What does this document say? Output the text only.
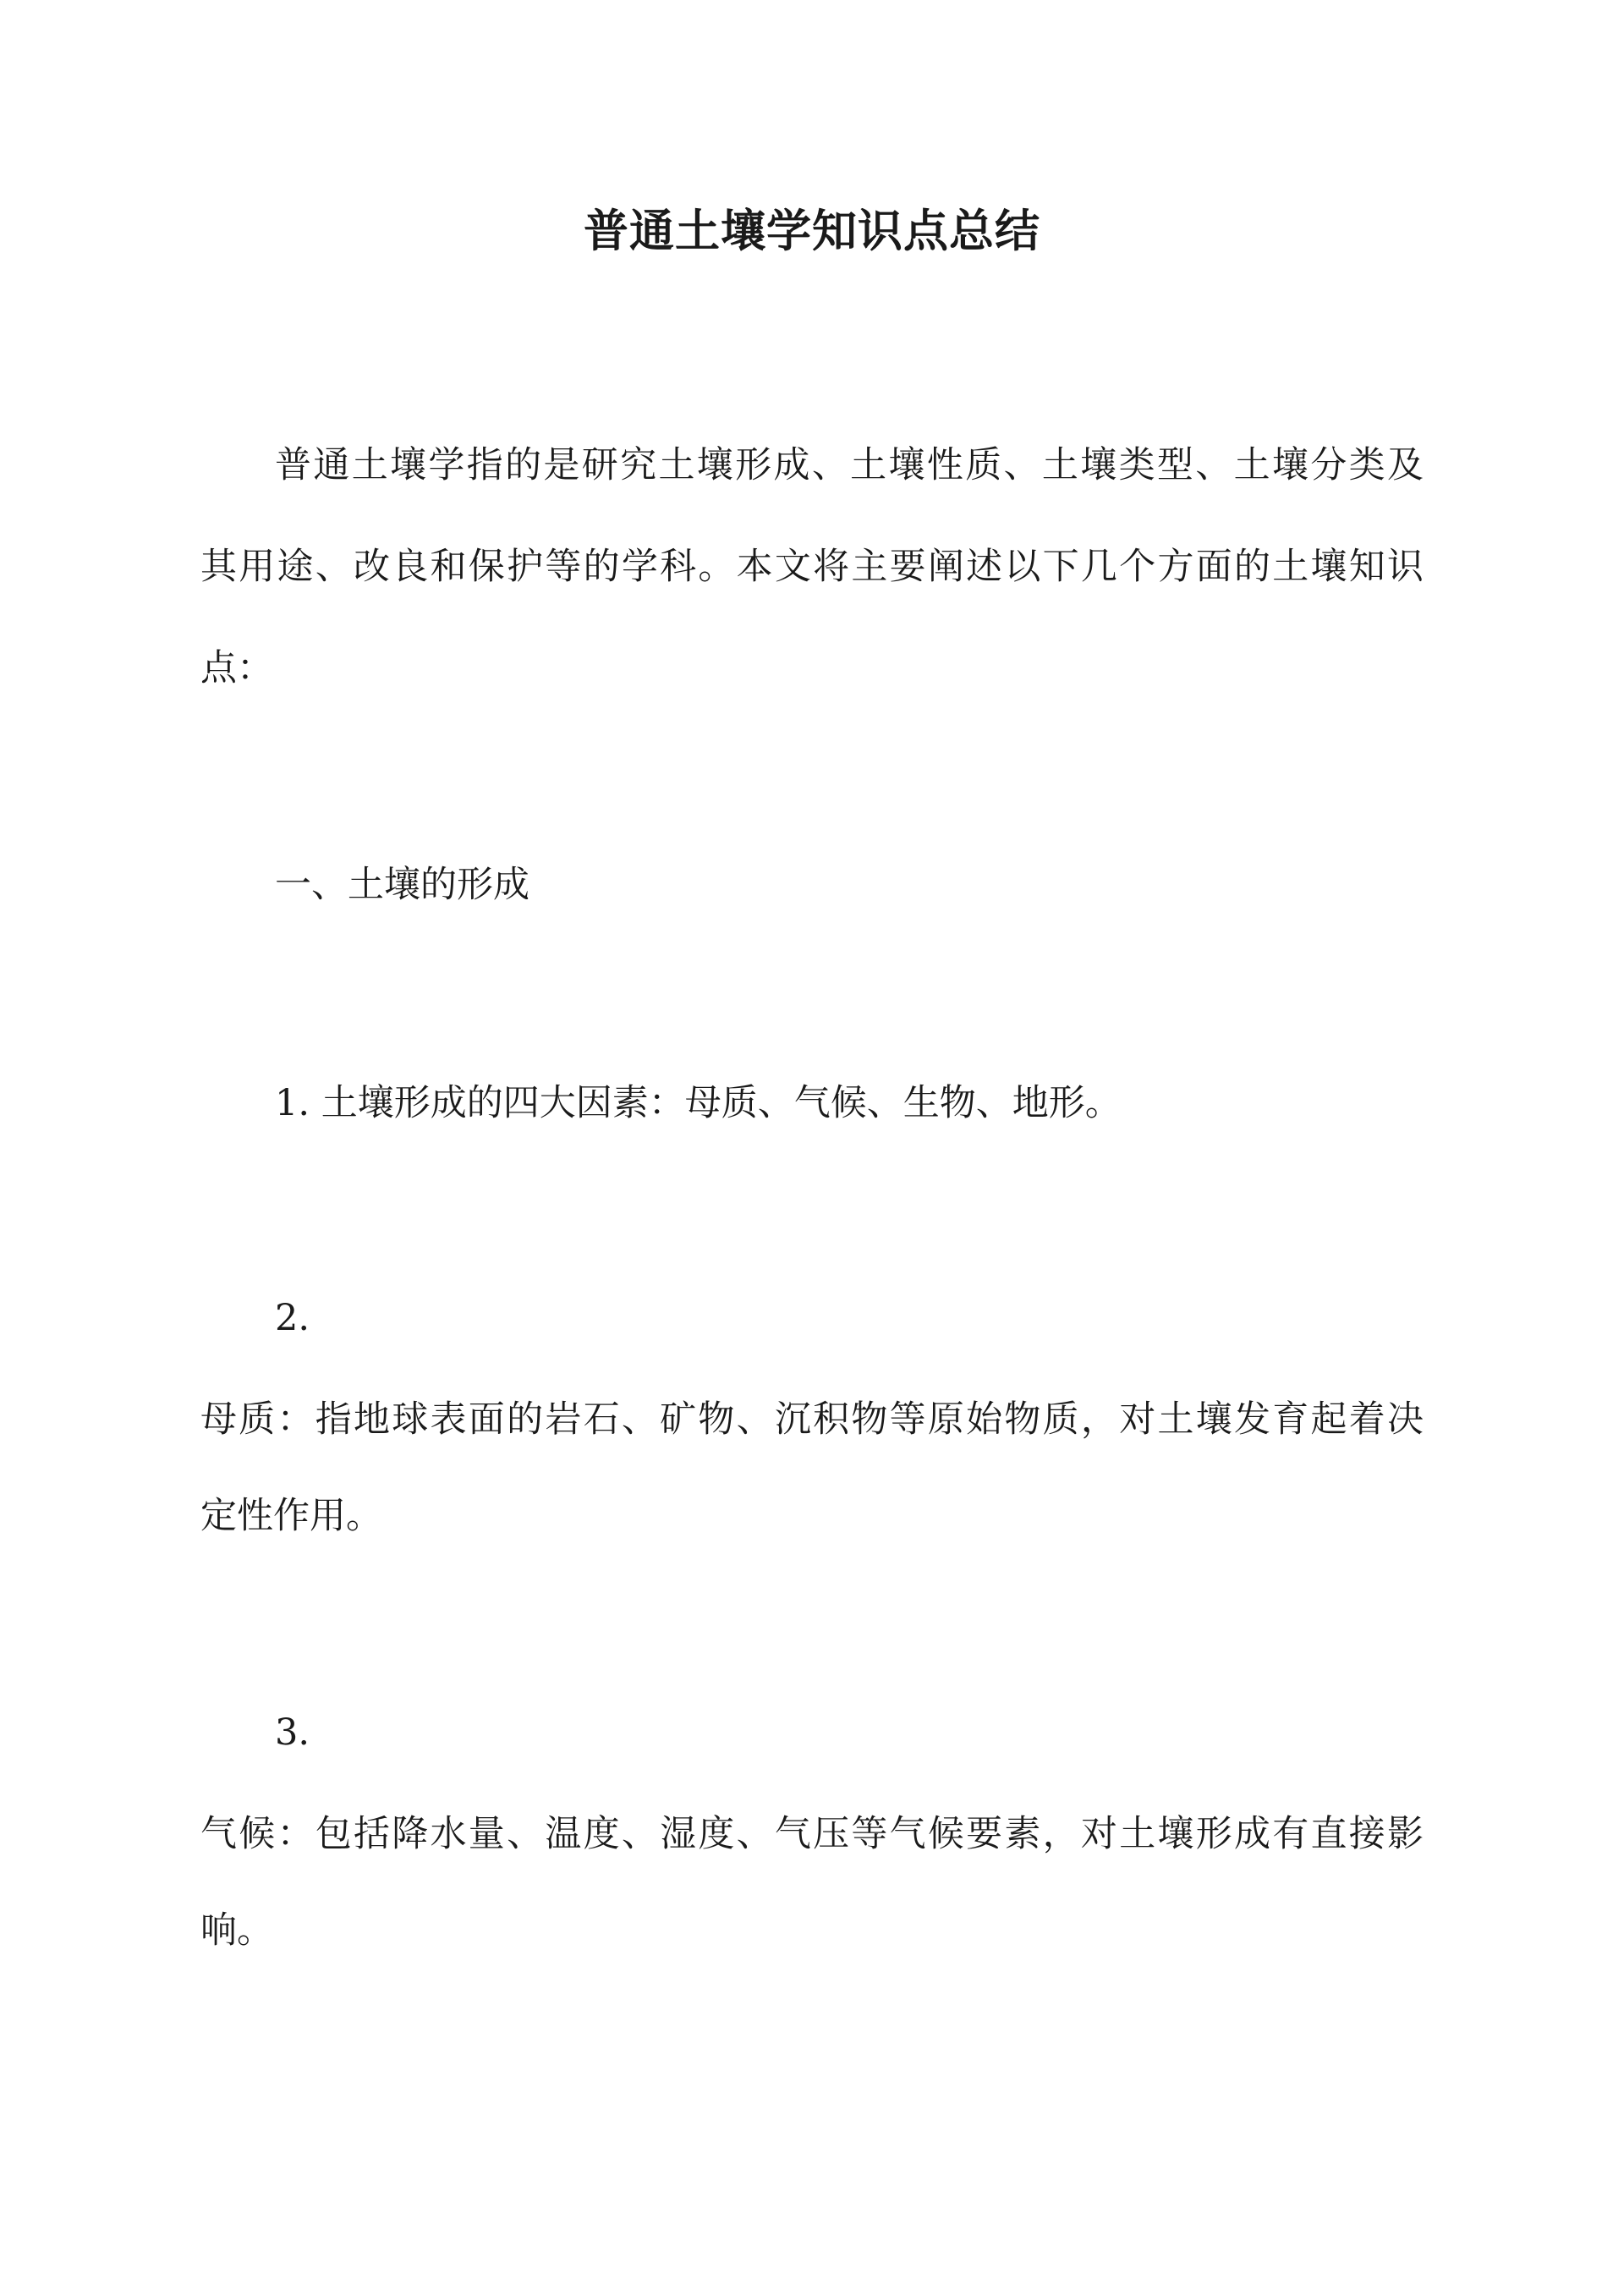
普通土壤学知识点总结

普通土壤学指的是研究土壤形成、土壤性质、土壤类型、土壤分类及

其用途、改良和保护等的学科。本文将主要阐述以下几个方面的土壤知识

点：

一、土壤的形成

1. 土壤形成的四大因素：母质、气候、生物、地形。

2.

母质：指地球表面的岩石、矿物、沉积物等原始物质，对土壤发育起着决

定性作用。

3.

气候：包括降水量、温度、湿度、气压等气候要素，对土壤形成有直接影

响。
